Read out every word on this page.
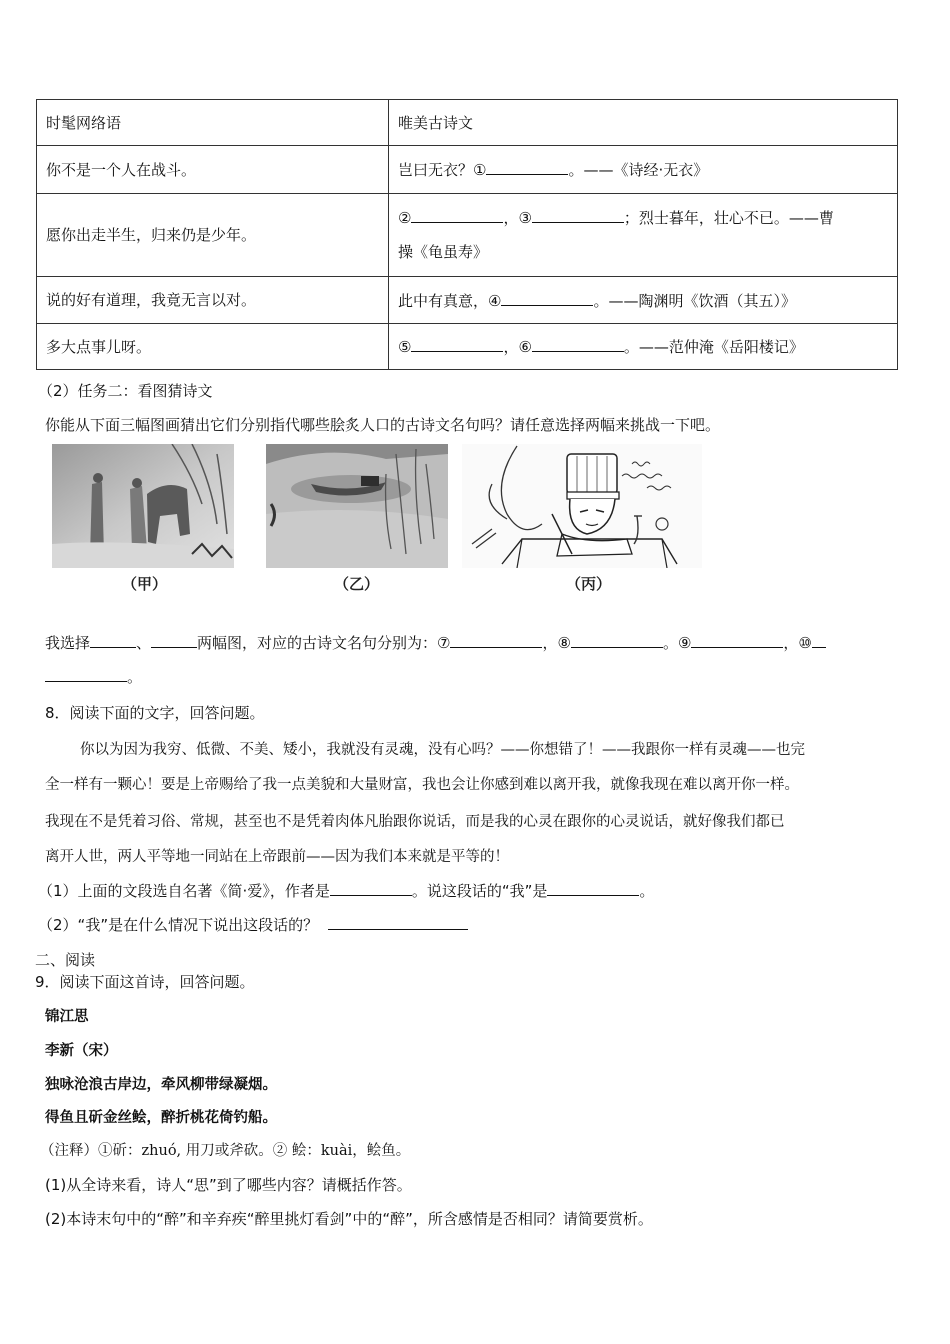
时髦网络语	唯美古诗文
你不是一个人在战斗。	岂曰无衣？① 。——《诗经·无衣》
愿你出走半生，归来仍是少年。	② ，③ ；烈士暮年，壮心不已。——曹
操《龟虽寿》

说的好有道理，我竟无言以对。	此中有真意，④ 。——陶渊明《饮酒（其五）》
多大点事儿呀。	⑤ ，⑥ 。——范仲淹《岳阳楼记》
（2）任务二：看图猜诗文
你能从下面三幅图画猜出它们分别指代哪些脍炙人口的古诗文名句吗？请任意选择两幅来挑战一下吧。
（甲）	（乙）	（丙）
我选择	、	两幅图，对应的古诗文名句分别为：⑦	，⑧	。⑨	，⑩
。
8．阅读下面的文字，回答问题。
你以为因为我穷、低微、不美、矮小，我就没有灵魂，没有心吗？——你想错了！——我跟你一样有灵魂——也完
全一样有一颗心！要是上帝赐给了我一点美貌和大量财富，我也会让你感到难以离开我，就像我现在难以离开你一样。
我现在不是凭着习俗、常规，甚至也不是凭着肉体凡胎跟你说话，而是我的心灵在跟你的心灵说话，就好像我们都已
离开人世，两人平等地一同站在上帝跟前——因为我们本来就是平等的！
（1）上面的文段选自名著《简·爱》，作者是	。说这段话的“我”是	。
（2）“我”是在什么情况下说出这段话的？
二、阅读
9．阅读下面这首诗，回答问题。
锦江思
李新（宋）
独咏沧浪古岸边，牵风柳带绿凝烟。
得鱼且斫金丝鲙，醉折桃花倚钓船。
（注释）①斫：zhuó, 用刀或斧砍。② 鲙：kuài，鲙鱼。
(1)从全诗来看，诗人“思”到了哪些内容？请概括作答。
(2)本诗末句中的“醉”和辛弃疾“醉里挑灯看剑”中的“醉”，所含感情是否相同？请简要赏析。
